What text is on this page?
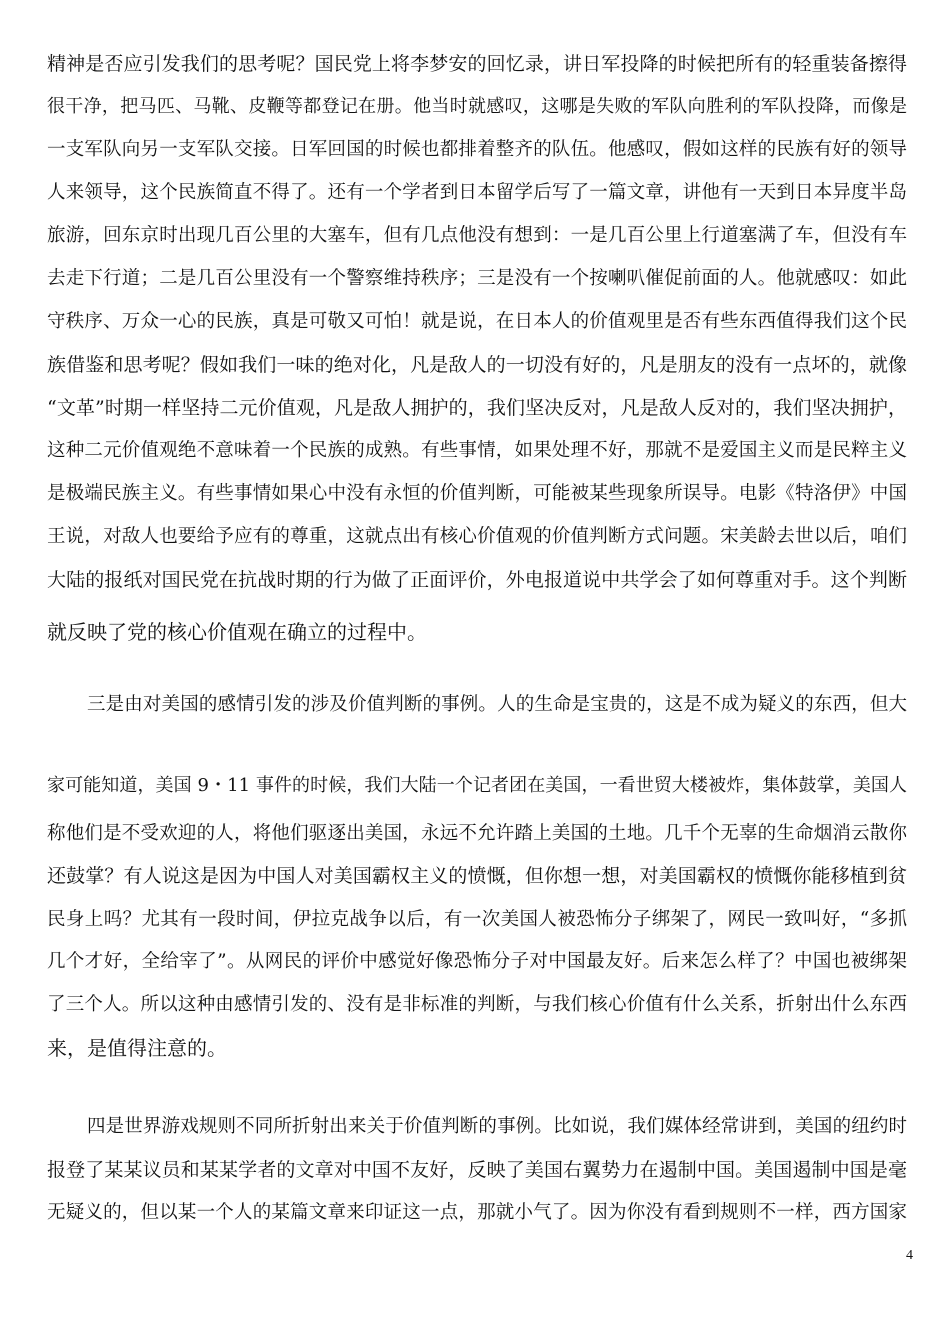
精神是否应引发我们的思考呢？国民党上将李梦安的回忆录，讲日军投降的时候把所有的轻重装备擦得
很干净，把马匹、马靴、皮鞭等都登记在册。他当时就感叹，这哪是失败的军队向胜利的军队投降，而像是
一支军队向另一支军队交接。日军回国的时候也都排着整齐的队伍。他感叹，假如这样的民族有好的领导
人来领导，这个民族简直不得了。还有一个学者到日本留学后写了一篇文章，讲他有一天到日本异度半岛
旅游，回东京时出现几百公里的大塞车，但有几点他没有想到：一是几百公里上行道塞满了车，但没有车
去走下行道；二是几百公里没有一个警察维持秩序；三是没有一个按喇叭催促前面的人。他就感叹：如此
守秩序、万众一心的民族，真是可敬又可怕！就是说，在日本人的价值观里是否有些东西值得我们这个民
族借鉴和思考呢？假如我们一味的绝对化，凡是敌人的一切没有好的，凡是朋友的没有一点坏的，就像
“文革”时期一样坚持二元价值观，凡是敌人拥护的，我们坚决反对，凡是敌人反对的，我们坚决拥护，
这种二元价值观绝不意味着一个民族的成熟。有些事情，如果处理不好，那就不是爱国主义而是民粹主义
是极端民族主义。有些事情如果心中没有永恒的价值判断，可能被某些现象所误导。电影《特洛伊》中国
王说，对敌人也要给予应有的尊重，这就点出有核心价值观的价值判断方式问题。宋美龄去世以后，咱们
大陆的报纸对国民党在抗战时期的行为做了正面评价，外电报道说中共学会了如何尊重对手。这个判断
就反映了党的核心价值观在确立的过程中。
三是由对美国的感情引发的涉及价值判断的事例。人的生命是宝贵的，这是不成为疑义的东西，但大
家可能知道，美国 9・11 事件的时候，我们大陆一个记者团在美国，一看世贸大楼被炸，集体鼓掌，美国人
称他们是不受欢迎的人，将他们驱逐出美国，永远不允许踏上美国的土地。几千个无辜的生命烟消云散你
还鼓掌？有人说这是因为中国人对美国霸权主义的愤慨，但你想一想，对美国霸权的愤慨你能移植到贫
民身上吗？尤其有一段时间，伊拉克战争以后，有一次美国人被恐怖分子绑架了，网民一致叫好，“多抓
几个才好，全给宰了”。从网民的评价中感觉好像恐怖分子对中国最友好。后来怎么样了？中国也被绑架
了三个人。所以这种由感情引发的、没有是非标准的判断，与我们核心价值有什么关系，折射出什么东西
来，是值得注意的。
四是世界游戏规则不同所折射出来关于价值判断的事例。比如说，我们媒体经常讲到，美国的纽约时
报登了某某议员和某某学者的文章对中国不友好，反映了美国右翼势力在遏制中国。美国遏制中国是毫
无疑义的，但以某一个人的某篇文章来印证这一点，那就小气了。因为你没有看到规则不一样，西方国家
4
